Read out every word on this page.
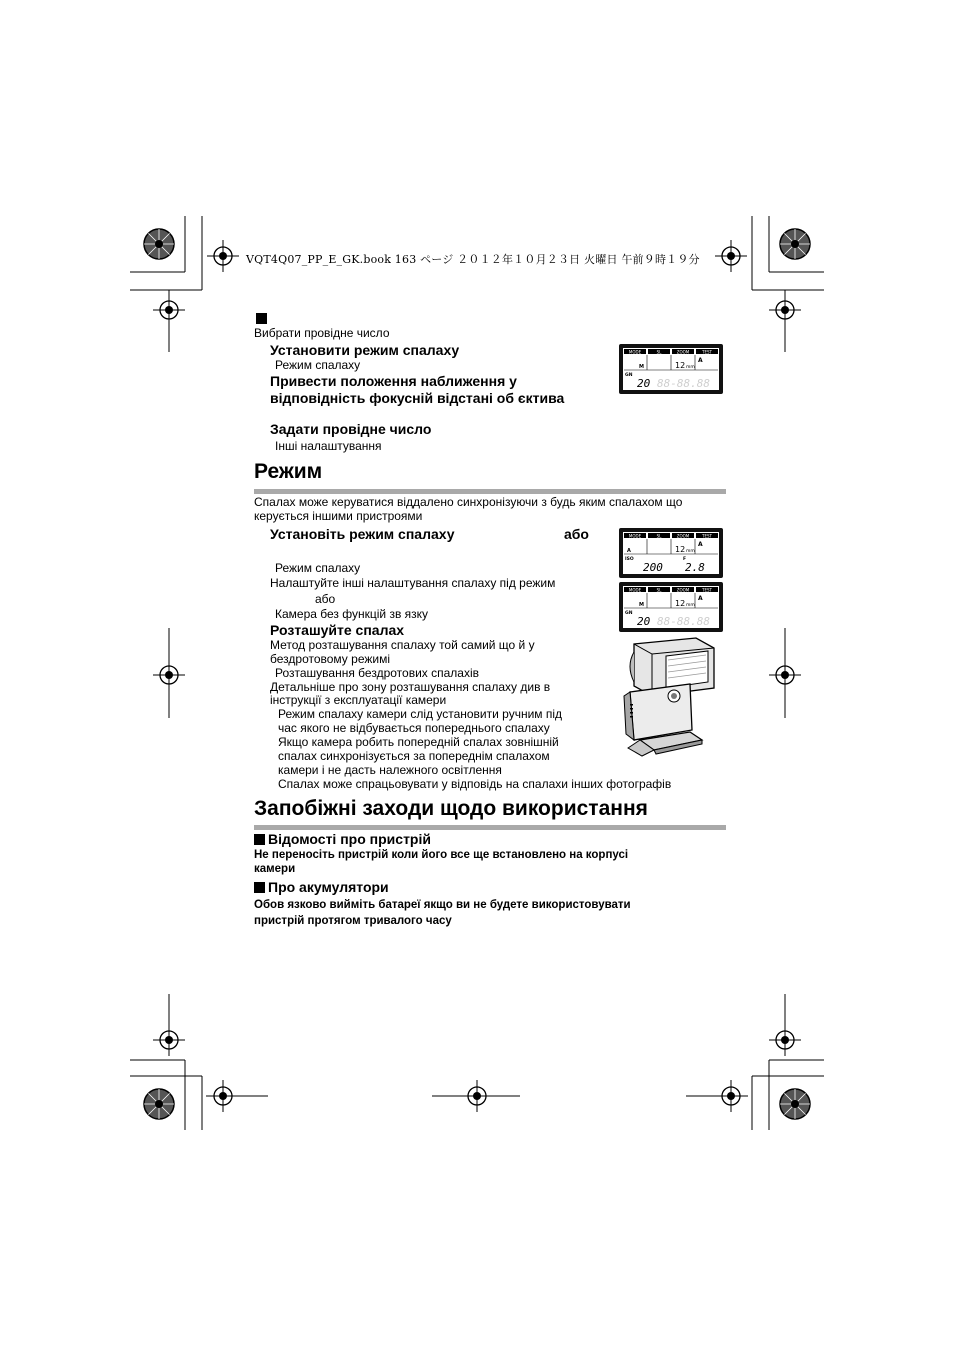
VQT4Q07_PP_E_GK.book 163 ページ ２０１２年１０月２３日 火曜日 午前９時１９分
Вибрати провідне число
Установити режим спалаху
Режим спалаху
Привести положення наближення у
відповідність фокусній відстані об єктива
Задати провідне число
Інші налаштування
MODE	SL	ZOOM	TEST
M	12 mm
A
GN
20 88-88.88
Режим
Спалах може керуватися віддалено синхронізуючи з будь яким спалахом що
керується іншими пристроями
Установіть режим спалаху	або
Режим спалаху
Налаштуйте інші налаштування спалаху під режим
або
Камера без функцій зв язку
Розташуйте спалах
Метод розташування спалаху той самий що й у
бездротовому режимі
Розташування бездротових спалахів
Детальніше про зону розташування спалаху див в
інструкції з експлуатації камери
Режим спалаху камери слід установити ручним під
час якого не відбувається попереднього спалаху
Якщо камера робить попередній спалах зовнішній
спалах синхронізується за попереднім спалахом
камери і не дасть належного освітлення
Спалах може спрацьовувати у відповідь на спалахи інших фотографів
MODE	SL	ZOOM	TEST
A	12 mm
A
ISO	F
200 2.8
MODE	SL	ZOOM	TEST
M	12 mm
A
GN
20 88-88.88
Запобіжні заходи щодо використання
Відомості про пристрій
Не переносіть пристрій коли його все ще встановлено на корпусі
камери
Про акумулятори
Обов язково вийміть батареї якщо ви не будете використовувати
пристрій протягом тривалого часу
